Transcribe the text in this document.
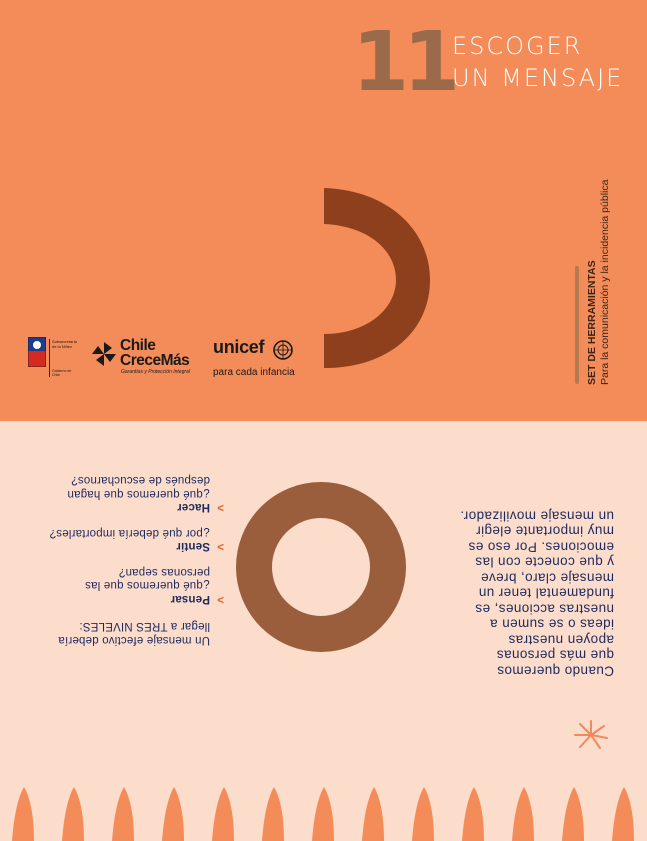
11
ESCOGER
UN MENSAJE
SET DE HERRAMIENTAS Para la comunicación y la incidencia pública
Subsecretaría
de la Niñez
Gobierno de Chile
Chile
CreceMás
Garantías y Protección Integral
unicef
para cada infancia

Cuando queremos

que más personas

apoyen nuestras

ideas o se sumen a

nuestras acciones, es

fundamental tener un

mensaje claro, breve

y que conecte con las

emociones. Por eso es

muy importante elegir

un mensaje movilizador.

Un mensaje efectivo debería llegar a TRES NIVELES:

>
Pensar
¿qué queremos que las personas sepan?
>
Sentir
¿por qué debería importarles?
>
Hacer
¿qué queremos que hagan después de escucharnos?
